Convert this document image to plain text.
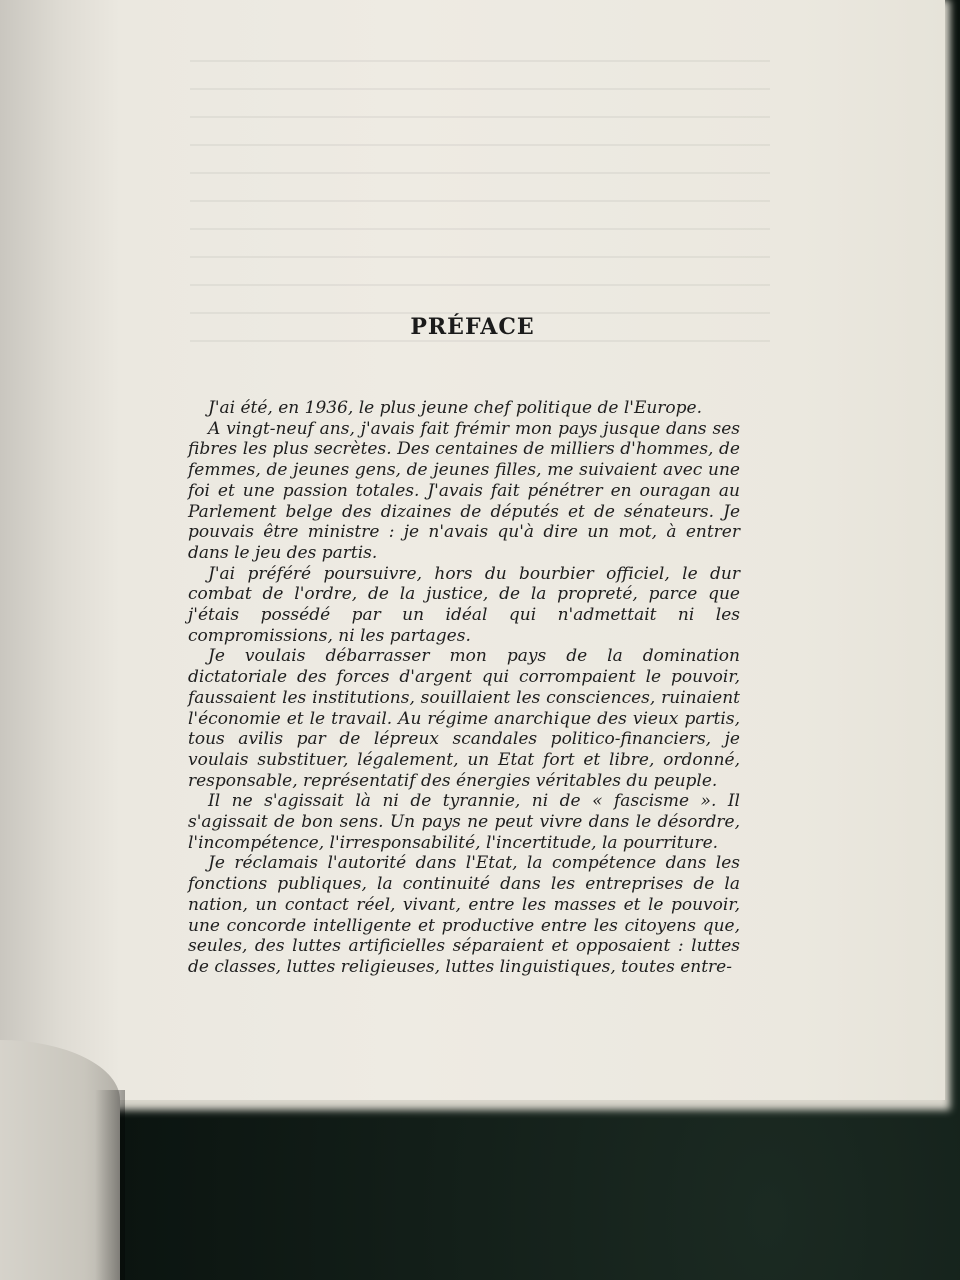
PRÉFACE

J'ai été, en 1936, le plus jeune chef politique de l'Europe.

A vingt-neuf ans, j'avais fait frémir mon pays jusque dans ses fibres les plus secrètes. Des centaines de milliers d'hommes, de femmes, de jeunes gens, de jeunes filles, me suivaient avec une foi et une passion totales. J'avais fait pénétrer en ouragan au Parlement belge des dizaines de députés et de sénateurs. Je pouvais être ministre : je n'avais qu'à dire un mot, à entrer dans le jeu des partis.

J'ai préféré poursuivre, hors du bourbier officiel, le dur combat de l'ordre, de la justice, de la propreté, parce que j'étais possédé par un idéal qui n'admettait ni les compromissions, ni les partages.

Je voulais débarrasser mon pays de la domination dictatoriale des forces d'argent qui corrompaient le pouvoir, faussaient les institutions, souillaient les consciences, ruinaient l'économie et le travail. Au régime anarchique des vieux partis, tous avilis par de lépreux scandales politico-financiers, je voulais substituer, légalement, un Etat fort et libre, ordonné, responsable, représentatif des énergies véritables du peuple.

Il ne s'agissait là ni de tyrannie, ni de « fascisme ». Il s'agissait de bon sens. Un pays ne peut vivre dans le désordre, l'incompétence, l'irresponsabilité, l'incertitude, la pourriture.

Je réclamais l'autorité dans l'Etat, la compétence dans les fonctions publiques, la continuité dans les entreprises de la nation, un contact réel, vivant, entre les masses et le pouvoir, une concorde intelligente et productive entre les citoyens que, seules, des luttes artificielles séparaient et opposaient : luttes de classes, luttes religieuses, luttes linguistiques, toutes entre-
